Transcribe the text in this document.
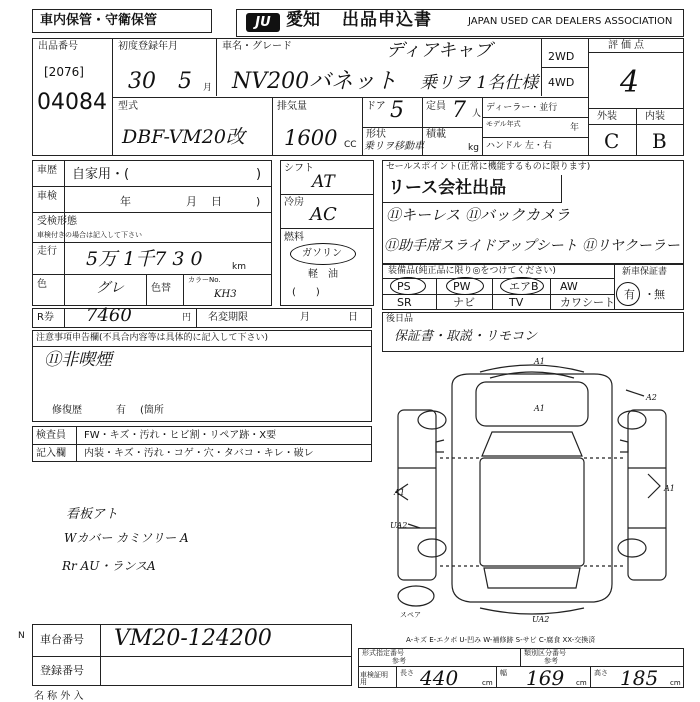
車内保管・守衛保管	JU 愛知 出品申込書	JAPAN USED CAR DEALERS ASSOCIATION
出品番号
[2076]
04084
初度登録年月
30 5 月
車名・グレード	ディアキャブ
NV200バネット 乗リヲ 1名仕様
2WD
4WD
評価点
4
外装	内装
C B
型式
DBF-VM20改
排気量
1600 CC
ドア 5 定員 7 人
形状
乗リヲ移動車
積載
kg
ディーラー・並行
モデル年式	年
ハンドル 左・右
車歴 自家用・(	)
車検	年	月日 )
受検形態
車検付きの場合は記入して下さい
走行 5万 1千7 3 0	km
色	グレ	色替
カラーNo.
KH3
R券 7460	円 名変期限	月	日
シフト
AT
冷房
AC
燃料
ガソリン
軽　油
(　　)
セールスポイント(正常に機能するものに限ります)
リース会社出品
⑪キーレス ⑪バックカメラ
⑪助手席スライドアップシート ⑪リヤクーラー
装備品(純正品に限り◎をつけてください)
PS	PW	エアB AW
SR	ナビ	TV	カワシート
新車保証書
有 無
・
後日品
保証書・取説・リモコン
注意事項申告欄(不具合内容等は具体的に記入して下さい)
⑪非喫煙
修復歴	有 (箇所
検査員
記入欄
FW・キズ・汚れ・ヒビ割・リペア跡・X要
内装・キズ・汚れ・コゲ・穴・タバコ・キレ・破レ
看板アト
Wカバー カミソリー A
Rr AU・ランスA
A1
A1
A2
A1	A1
UA2
UA2
スペア
A-キズ E-エクボ U-凹み W-補修跡 S-サビ C-腐食 XX-交換済
車台番号 VM20-124200
登録番号
N
形式指定番号
参考
類別区分番号
参考
車検証明用
長さ 440	cm
幅 169 cm
高さ 185 cm
名 称 外 入
